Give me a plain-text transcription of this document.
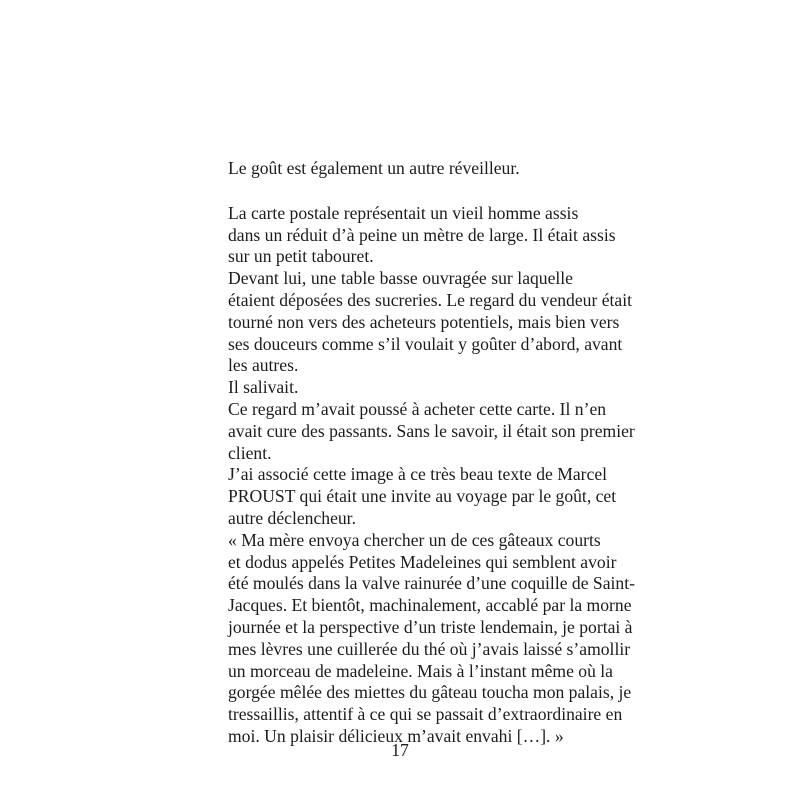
Le goût est également un autre réveilleur.
La carte postale représentait un vieil homme assis
dans un réduit d’à peine un mètre de large. Il était assis
sur un petit tabouret.
Devant lui, une table basse ouvragée sur laquelle
étaient déposées des sucreries. Le regard du vendeur était
tourné non vers des acheteurs potentiels, mais bien vers
ses douceurs comme s’il voulait y goûter d’abord, avant
les autres.
Il salivait.
Ce regard m’avait poussé à acheter cette carte. Il n’en
avait cure des passants. Sans le savoir, il était son premier
client.
J’ai associé cette image à ce très beau texte de Marcel
PROUST qui était une invite au voyage par le goût, cet
autre déclencheur.
« Ma mère envoya chercher un de ces gâteaux courts
et dodus appelés Petites Madeleines qui semblent avoir
été moulés dans la valve rainurée d’une coquille de Saint-
Jacques. Et bientôt, machinalement, accablé par la morne
journée et la perspective d’un triste lendemain, je portai à
mes lèvres une cuillerée du thé où j’avais laissé s’amollir
un morceau de madeleine. Mais à l’instant même où la
gorgée mêlée des miettes du gâteau toucha mon palais, je
tressaillis, attentif à ce qui se passait d’extraordinaire en
moi. Un plaisir délicieux m’avait envahi […]. »
17
